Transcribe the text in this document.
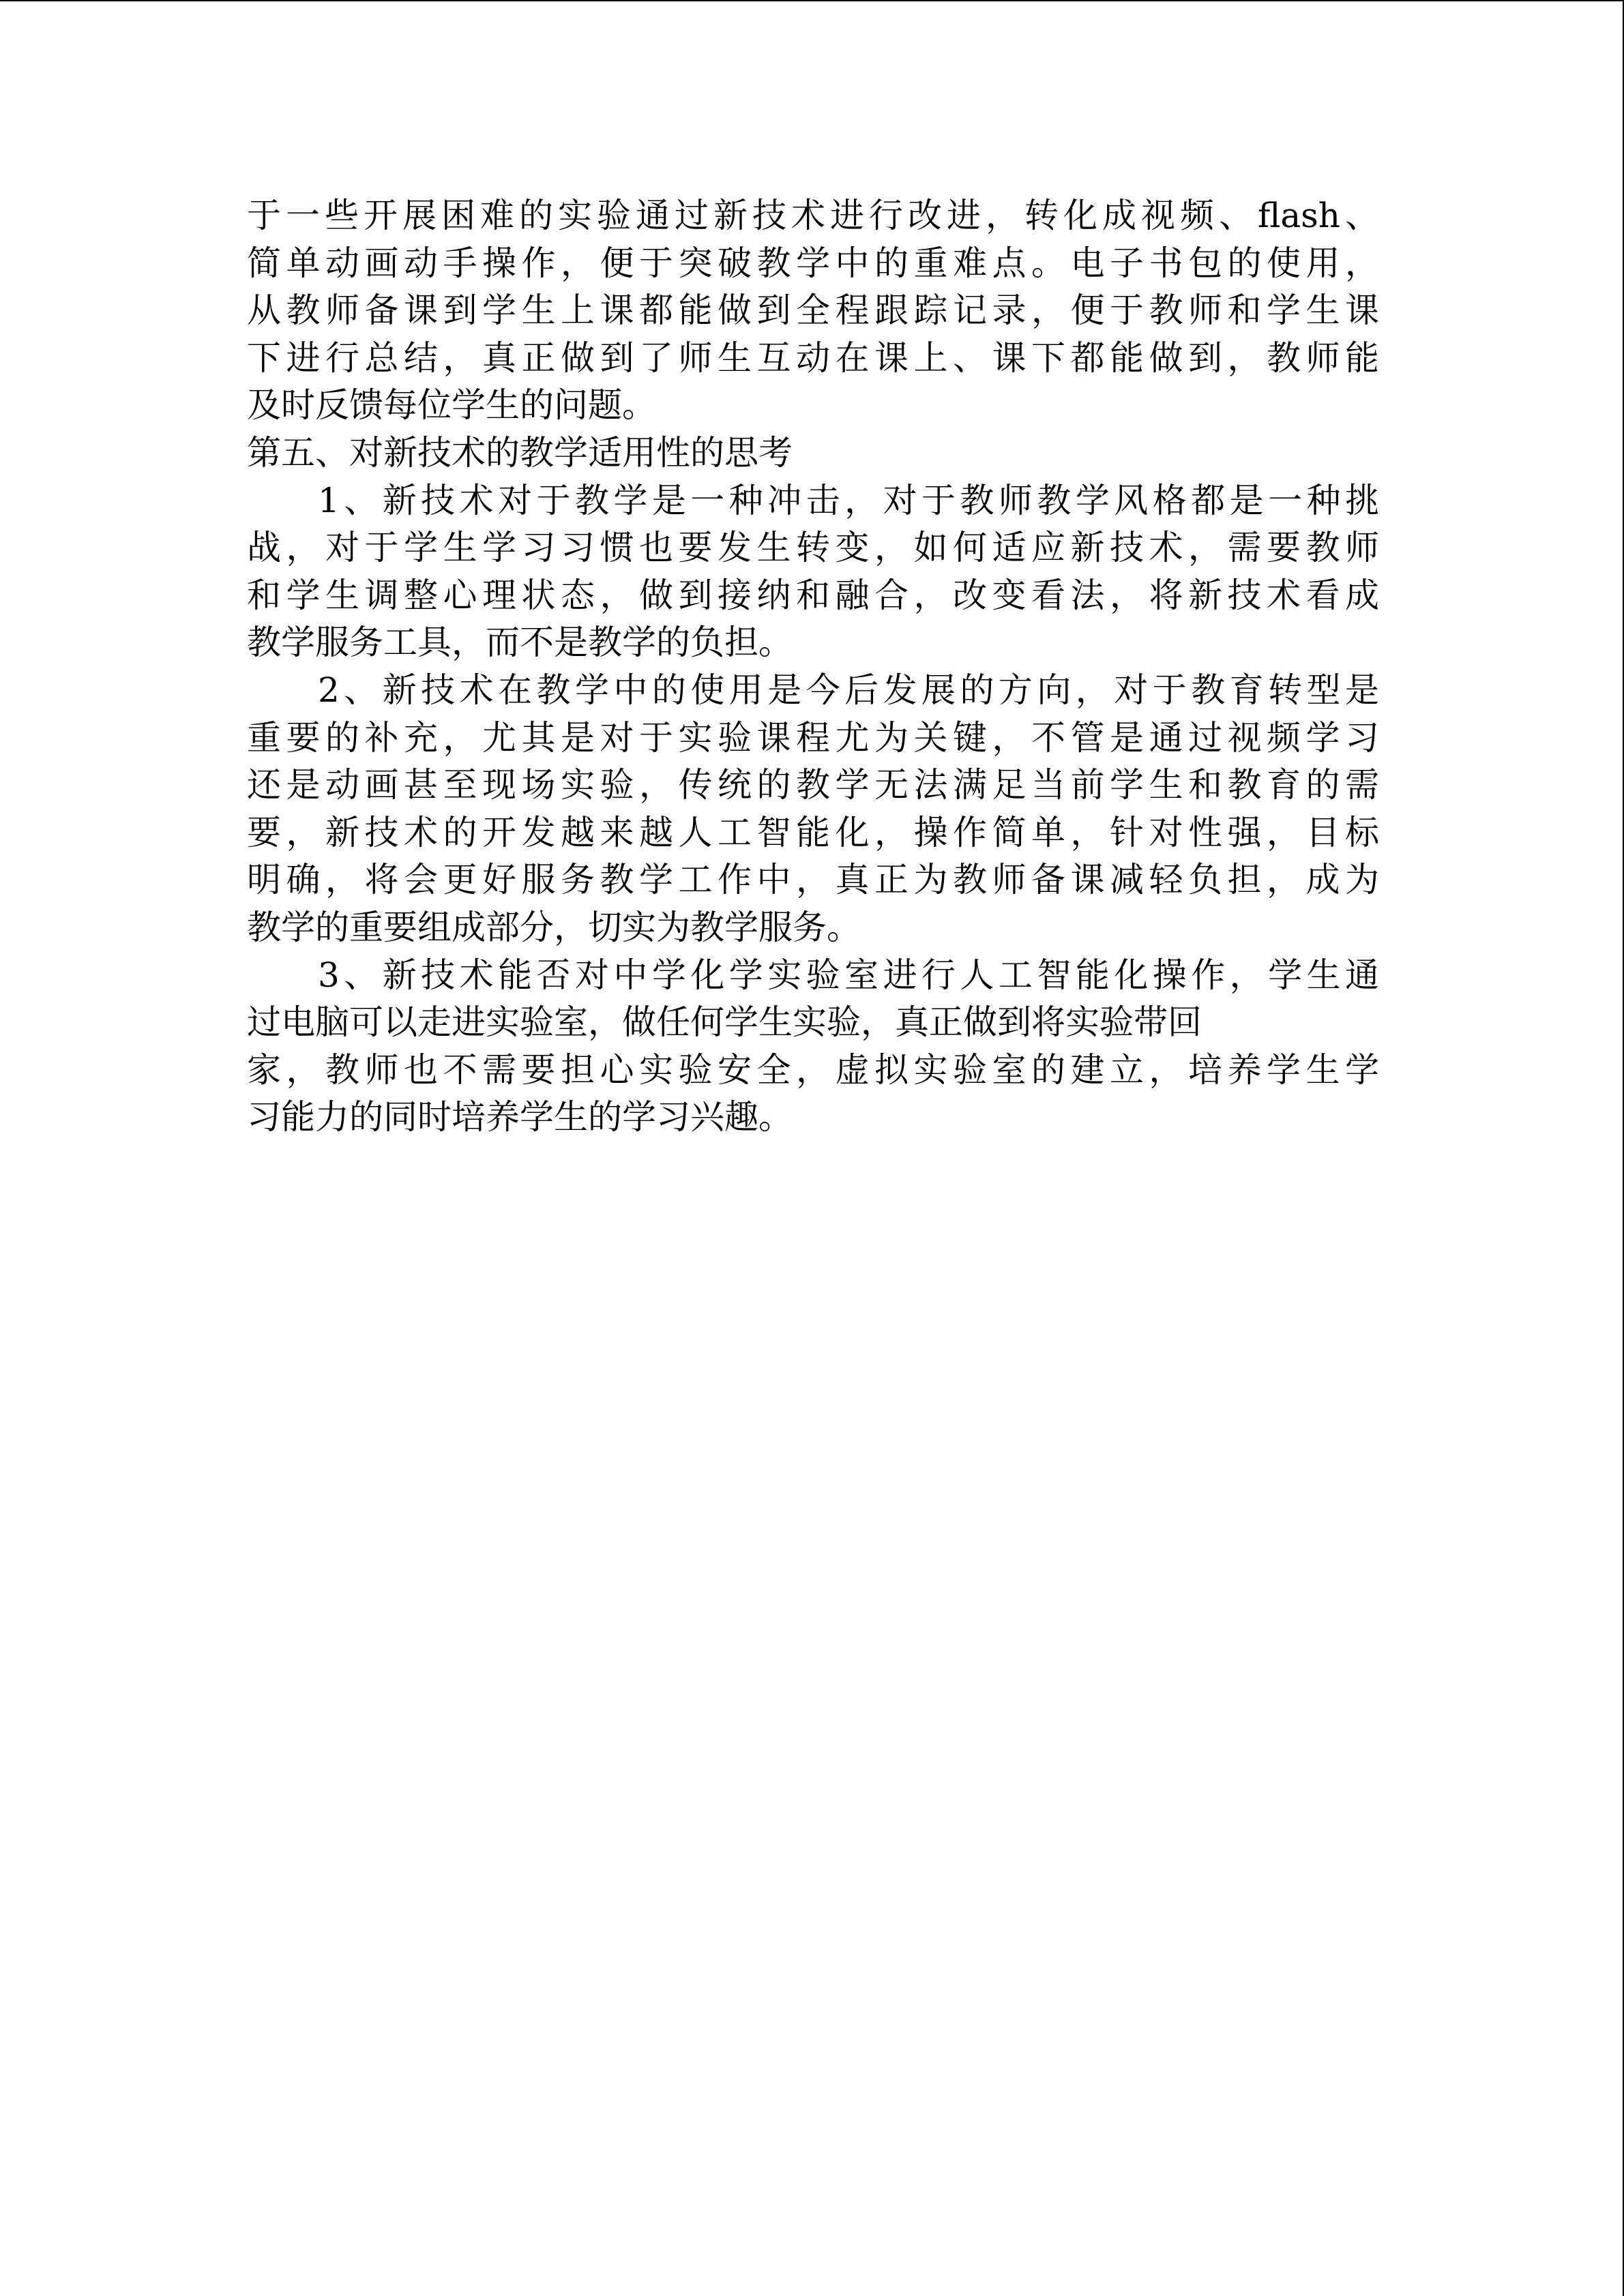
于一些开展困难的实验通过新技术进行改进，转化成视频、flash、
简单动画动手操作，便于突破教学中的重难点。电子书包的使用，
从教师备课到学生上课都能做到全程跟踪记录，便于教师和学生课
下进行总结，真正做到了师生互动在课上、课下都能做到，教师能
及时反馈每位学生的问题。
第五、对新技术的教学适用性的思考
1、新技术对于教学是一种冲击，对于教师教学风格都是一种挑
战，对于学生学习习惯也要发生转变，如何适应新技术，需要教师
和学生调整心理状态，做到接纳和融合，改变看法，将新技术看成
教学服务工具，而不是教学的负担。
2、新技术在教学中的使用是今后发展的方向，对于教育转型是
重要的补充，尤其是对于实验课程尤为关键，不管是通过视频学习
还是动画甚至现场实验，传统的教学无法满足当前学生和教育的需
要，新技术的开发越来越人工智能化，操作简单，针对性强，目标
明确，将会更好服务教学工作中，真正为教师备课减轻负担，成为
教学的重要组成部分，切实为教学服务。
3、新技术能否对中学化学实验室进行人工智能化操作，学生通
过电脑可以走进实验室，做任何学生实验，真正做到将实验带回
家，教师也不需要担心实验安全，虚拟实验室的建立，培养学生学
习能力的同时培养学生的学习兴趣。
